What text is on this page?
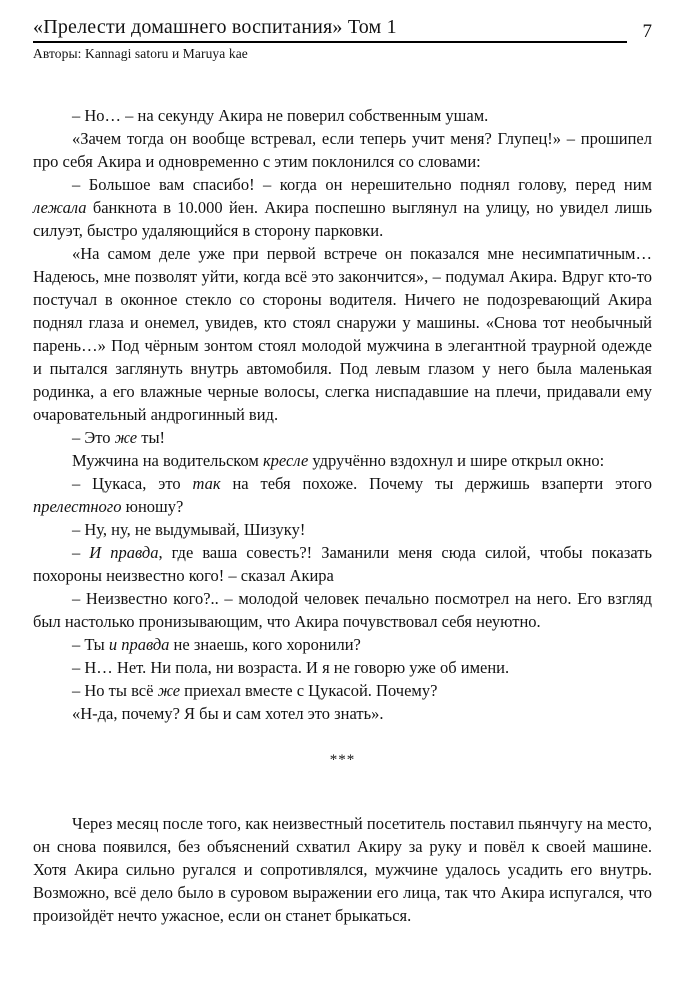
«Прелести домашнего воспитания» Том 1	7
Авторы: Kannagi satoru и Maruya kae

– Но… – на секунду Акира не поверил собственным ушам.

«Зачем тогда он вообще встревал, если теперь учит меня? Глупец!» – прошипел про себя Акира и одновременно с этим поклонился со словами:

– Большое вам спасибо! – когда он нерешительно поднял голову, перед ним лежала банкнота в 10.000 йен. Акира поспешно выглянул на улицу, но увидел лишь силуэт, быстро удаляющийся в сторону парковки.

«На самом деле уже при первой встрече он показался мне несимпатичным… Надеюсь, мне позволят уйти, когда всё это закончится», – подумал Акира. Вдруг кто-то постучал в оконное стекло со стороны водителя. Ничего не подозревающий Акира поднял глаза и онемел, увидев, кто стоял снаружи у машины. «Снова тот необычный парень…» Под чёрным зонтом стоял молодой мужчина в элегантной траурной одежде и пытался заглянуть внутрь автомобиля. Под левым глазом у него была маленькая родинка, а его влажные черные волосы, слегка ниспадавшие на плечи, придавали ему очаровательный андрогинный вид.

– Это же ты!

Мужчина на водительском кресле удручённо вздохнул и шире открыл окно:

– Цукаса, это так на тебя похоже. Почему ты держишь взаперти этого прелестного юношу?

– Ну, ну, не выдумывай, Шизуку!

– И правда, где ваша совесть?! Заманили меня сюда силой, чтобы показать похороны неизвестно кого! – сказал Акира

– Неизвестно кого?.. – молодой человек печально посмотрел на него. Его взгляд был настолько пронизывающим, что Акира почувствовал себя неуютно.

– Ты и правда не знаешь, кого хоронили?

– Н… Нет. Ни пола, ни возраста. И я не говорю уже об имени.

– Но ты всё же приехал вместе с Цукасой. Почему?

«Н-да, почему? Я бы и сам хотел это знать».

***

Через месяц после того, как неизвестный посетитель поставил пьянчугу на место, он снова появился, без объяснений схватил Акиру за руку и повёл к своей машине. Хотя Акира сильно ругался и сопротивлялся, мужчине удалось усадить его внутрь. Возможно, всё дело было в суровом выражении его лица, так что Акира испугался, что произойдёт нечто ужасное, если он станет брыкаться.
